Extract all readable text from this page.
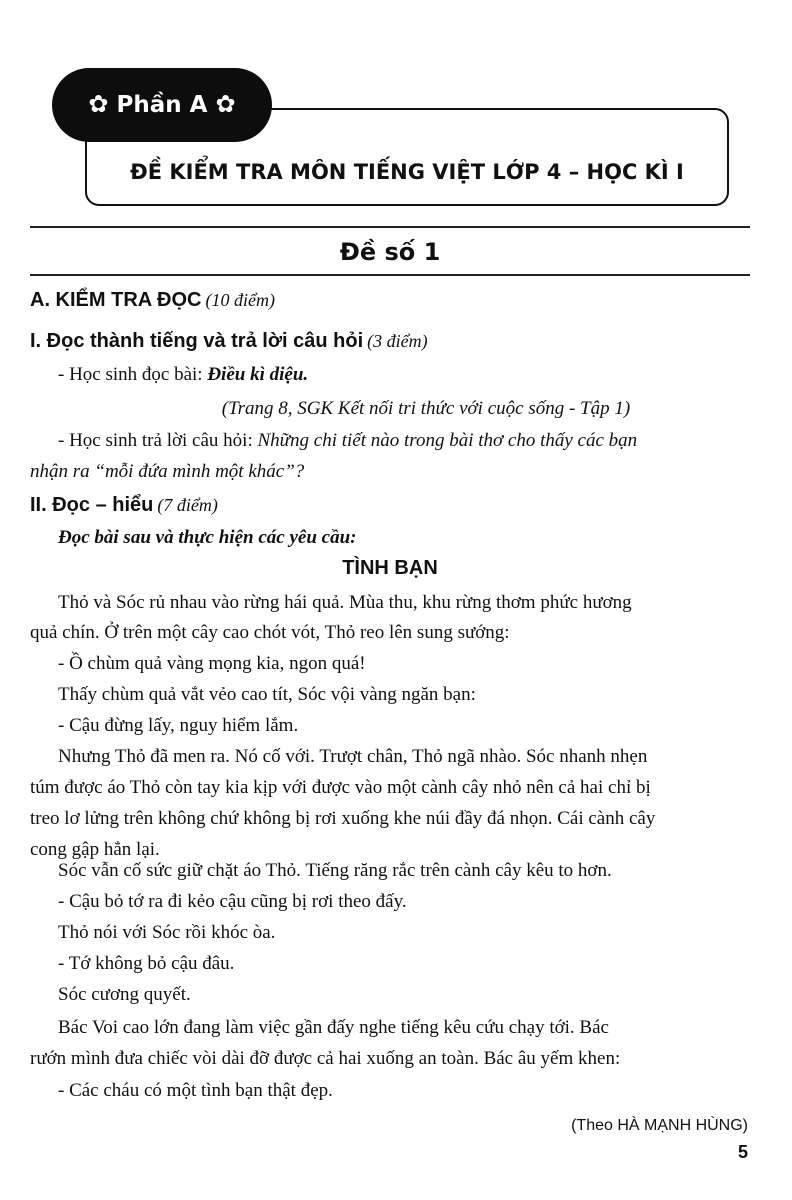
✿ Phần A ✿
ĐỀ KIỂM TRA MÔN TIẾNG VIỆT LỚP 4 – HỌC KÌ I
Đề số 1
A. KIỂM TRA ĐỌC (10 điểm)
I. Đọc thành tiếng và trả lời câu hỏi (3 điểm)
- Học sinh đọc bài: Điều kì diệu.
(Trang 8, SGK Kết nối tri thức với cuộc sống - Tập 1)
- Học sinh trả lời câu hỏi: Những chi tiết nào trong bài thơ cho thấy các bạn
nhận ra “mỗi đứa mình một khác”?
II. Đọc – hiểu (7 điểm)
Đọc bài sau và thực hiện các yêu cầu:
TÌNH BẠN
Thỏ và Sóc rủ nhau vào rừng hái quả. Mùa thu, khu rừng thơm phức hương
quả chín. Ở trên một cây cao chót vót, Thỏ reo lên sung sướng:
- Ồ chùm quả vàng mọng kia, ngon quá!
Thấy chùm quả vắt vẻo cao tít, Sóc vội vàng ngăn bạn:
- Cậu đừng lấy, nguy hiểm lắm.
Nhưng Thỏ đã men ra. Nó cố với. Trượt chân, Thỏ ngã nhào. Sóc nhanh nhẹn
túm được áo Thỏ còn tay kia kịp với được vào một cành cây nhỏ nên cả hai chỉ bị
treo lơ lửng trên không chứ không bị rơi xuống khe núi đầy đá nhọn. Cái cành cây
cong gập hẳn lại.
Sóc vẫn cố sức giữ chặt áo Thỏ. Tiếng răng rắc trên cành cây kêu to hơn.
- Cậu bỏ tớ ra đi kẻo cậu cũng bị rơi theo đấy.
Thỏ nói với Sóc rồi khóc òa.
- Tớ không bỏ cậu đâu.
Sóc cương quyết.
Bác Voi cao lớn đang làm việc gần đấy nghe tiếng kêu cứu chạy tới. Bác
rướn mình đưa chiếc vòi dài đỡ được cả hai xuống an toàn. Bác âu yếm khen:
- Các cháu có một tình bạn thật đẹp.
(Theo HÀ MẠNH HÙNG)
5
